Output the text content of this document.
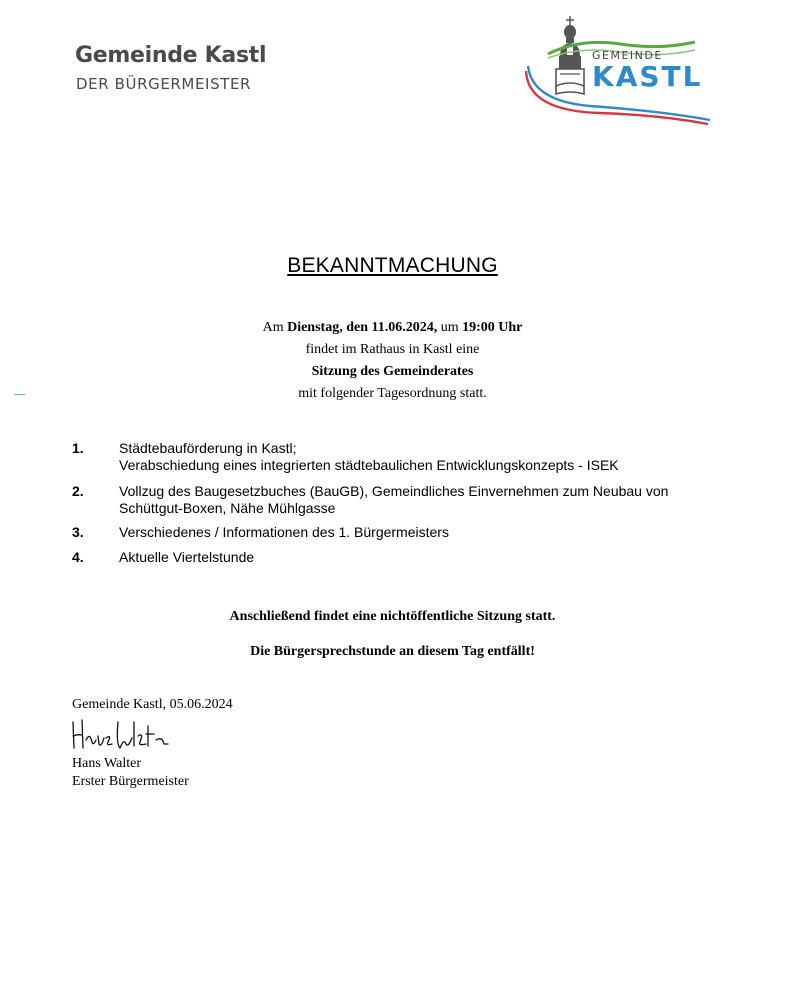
Gemeinde Kastl
DER BÜRGERMEISTER
GEMEINDE
KASTL
BEKANNTMACHUNG
Am Dienstag, den 11.06.2024, um 19:00 Uhr
findet im Rathaus in Kastl eine
Sitzung des Gemeinderates
mit folgender Tagesordnung statt.
1.	Städtebauförderung in Kastl;
Verabschiedung eines integrierten städtebaulichen Entwicklungskonzepts - ISEK
2.	Vollzug des Baugesetzbuches (BauGB), Gemeindliches Einvernehmen zum Neubau von
Schüttgut-Boxen, Nähe Mühlgasse
3.	Verschiedenes / Informationen des 1. Bürgermeisters
4.	Aktuelle Viertelstunde
Anschließend findet eine nichtöffentliche Sitzung statt.
Die Bürgersprechstunde an diesem Tag entfällt!
Gemeinde Kastl, 05.06.2024
Hans Walter
Erster Bürgermeister
